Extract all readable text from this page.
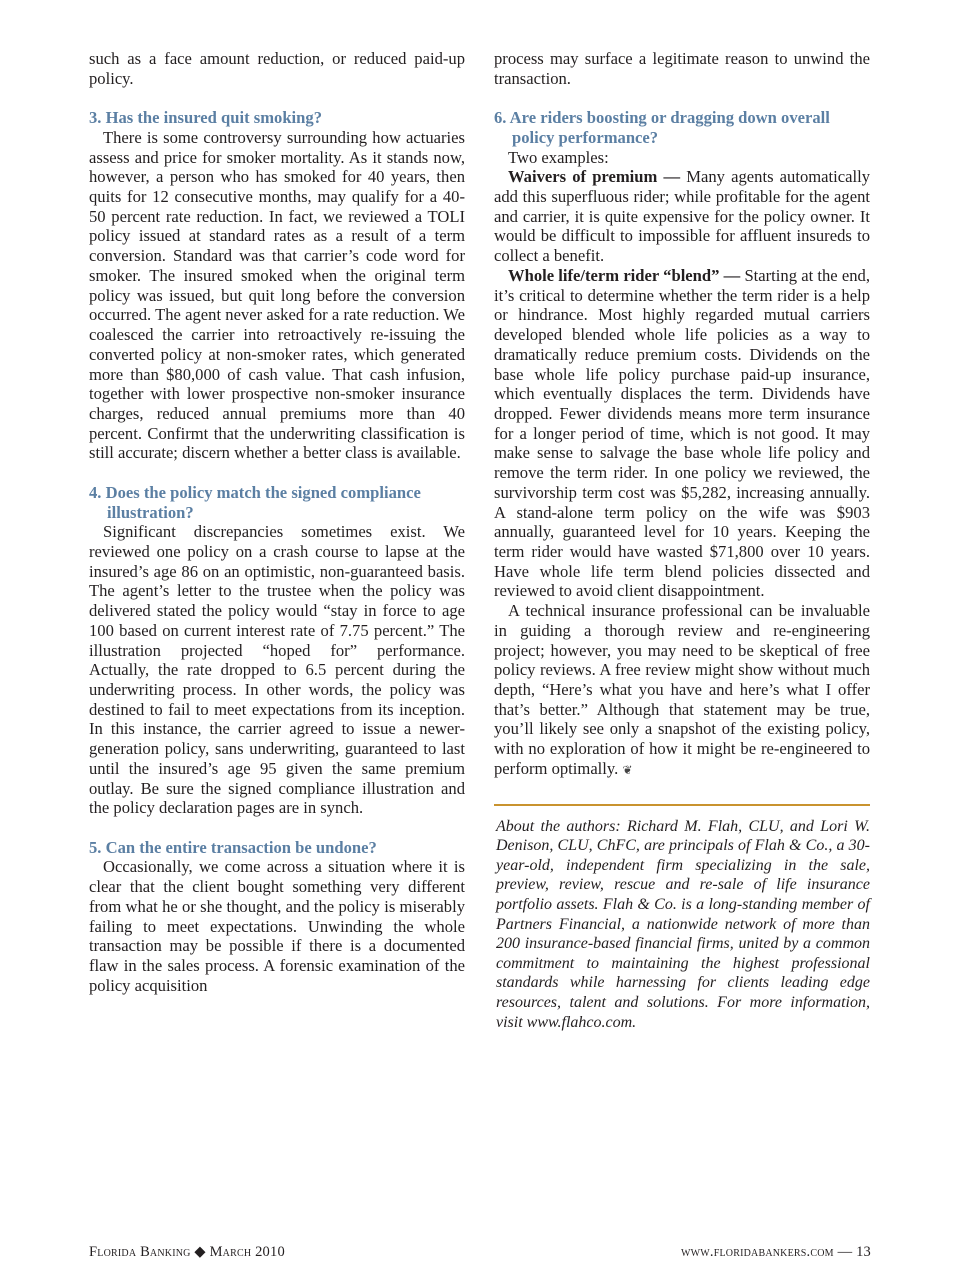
such as a face amount reduction, or reduced paid-up policy.

3. Has the insured quit smoking?

There is some controversy surrounding how actuaries assess and price for smoker mortality. As it stands now, however, a person who has smoked for 40 years, then quits for 12 consecutive months, may qualify for a 40-50 percent rate reduction. In fact, we reviewed a TOLI policy issued at standard rates as a result of a term conversion. Standard was that carrier’s code word for smoker. The insured smoked when the original term policy was issued, but quit long before the conversion occurred. The agent never asked for a rate reduction. We coalesced the carrier into retroactively re-issuing the converted policy at non-smoker rates, which generated more than $80,000 of cash value. That cash infusion, together with lower prospective non-smoker insurance charges, reduced annual premiums more than 40 percent. Confirmt that the underwriting classification is still accurate; discern whether a better class is available.

4. Does the policy match the signed compliance illustration?

Significant discrepancies sometimes exist. We reviewed one policy on a crash course to lapse at the insured’s age 86 on an optimistic, non-guaranteed basis. The agent’s letter to the trustee when the policy was delivered stated the policy would “stay in force to age 100 based on current interest rate of 7.75 percent.” The illustration projected “hoped for” performance. Actually, the rate dropped to 6.5 percent during the underwriting process. In other words, the policy was destined to fail to meet expectations from its inception. In this instance, the carrier agreed to issue a newer-generation policy, sans underwriting, guaranteed to last until the insured’s age 95 given the same premium outlay. Be sure the signed compliance illustration and the policy declaration pages are in synch.

5. Can the entire transaction be undone?

Occasionally, we come across a situation where it is clear that the client bought something very different from what he or she thought, and the policy is miserably failing to meet expectations. Unwinding the whole transaction may be possible if there is a documented flaw in the sales process. A forensic examination of the policy acquisition

process may surface a legitimate reason to unwind the transaction.

6. Are riders boosting or dragging down overall policy performance?

Two examples:

Waivers of premium — Many agents automatically add this superfluous rider; while profitable for the agent and carrier, it is quite expensive for the policy owner. It would be difficult to impossible for affluent insureds to collect a benefit.

Whole life/term rider “blend” — Starting at the end, it’s critical to determine whether the term rider is a help or hindrance. Most highly regarded mutual carriers developed blended whole life policies as a way to dramatically reduce premium costs. Dividends on the base whole life policy purchase paid-up insurance, which eventually displaces the term. Dividends have dropped. Fewer dividends means more term insurance for a longer period of time, which is not good. It may make sense to salvage the base whole life policy and remove the term rider. In one policy we reviewed, the survivorship term cost was $5,282, increasing annually. A stand-alone term policy on the wife was $903 annually, guaranteed level for 10 years. Keeping the term rider would have wasted $71,800 over 10 years. Have whole life term blend policies dissected and reviewed to avoid client disappointment.

A technical insurance professional can be invaluable in guiding a thorough review and re-engineering project; however, you may need to be skeptical of free policy reviews. A free review might show without much depth, “Here’s what you have and here’s what I offer that’s better.” Although that statement may be true, you’ll likely see only a snapshot of the existing policy, with no exploration of how it might be re-engineered to perform optimally. ❦

About the authors: Richard M. Flah, CLU, and Lori W. Denison, CLU, ChFC, are principals of Flah & Co., a 30-year-old, independent firm specializing in the sale, preview, review, rescue and re-sale of life insurance portfolio assets. Flah & Co. is a long-standing member of Partners Financial, a nationwide network of more than 200 insurance-based financial firms, united by a common commitment to maintaining the highest professional standards while harnessing for clients leading edge resources, talent and solutions. For more information, visit www.flahco.com.

Florida Banking ◆ March 2010	www.floridabankers.com — 13
